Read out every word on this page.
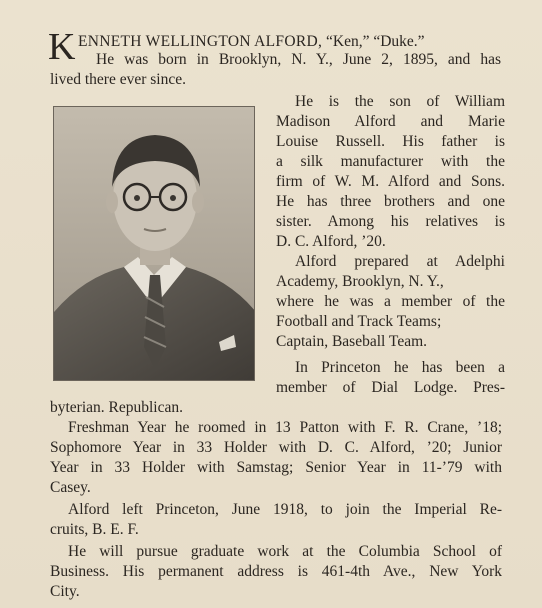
K ENNETH WELLINGTON ALFORD, “Ken,” “Duke.”
He was born in Brooklyn, N. Y., June 2, 1895, and has
lived there ever since.
He is the son of William
Madison Alford and Marie
Louise Russell. His father is
a silk manufacturer with the
firm of W. M. Alford and Sons.
He has three brothers and one
sister. Among his relatives is
D. C. Alford, ’20.
Alford prepared at Adelphi
Academy, Brooklyn, N. Y.,
where he was a member of the
Football and Track Teams;
Captain, Baseball Team.
In Princeton he has been a
member of Dial Lodge. Pres-
byterian. Republican.
Freshman Year he roomed in 13 Patton with F. R. Crane, ’18;
Sophomore Year in 33 Holder with D. C. Alford, ’20; Junior
Year in 33 Holder with Samstag; Senior Year in 11-’79 with
Casey.
Alford left Princeton, June 1918, to join the Imperial Re-
cruits, B. E. F.
He will pursue graduate work at the Columbia School of
Business. His permanent address is 461-4th Ave., New York
City.
